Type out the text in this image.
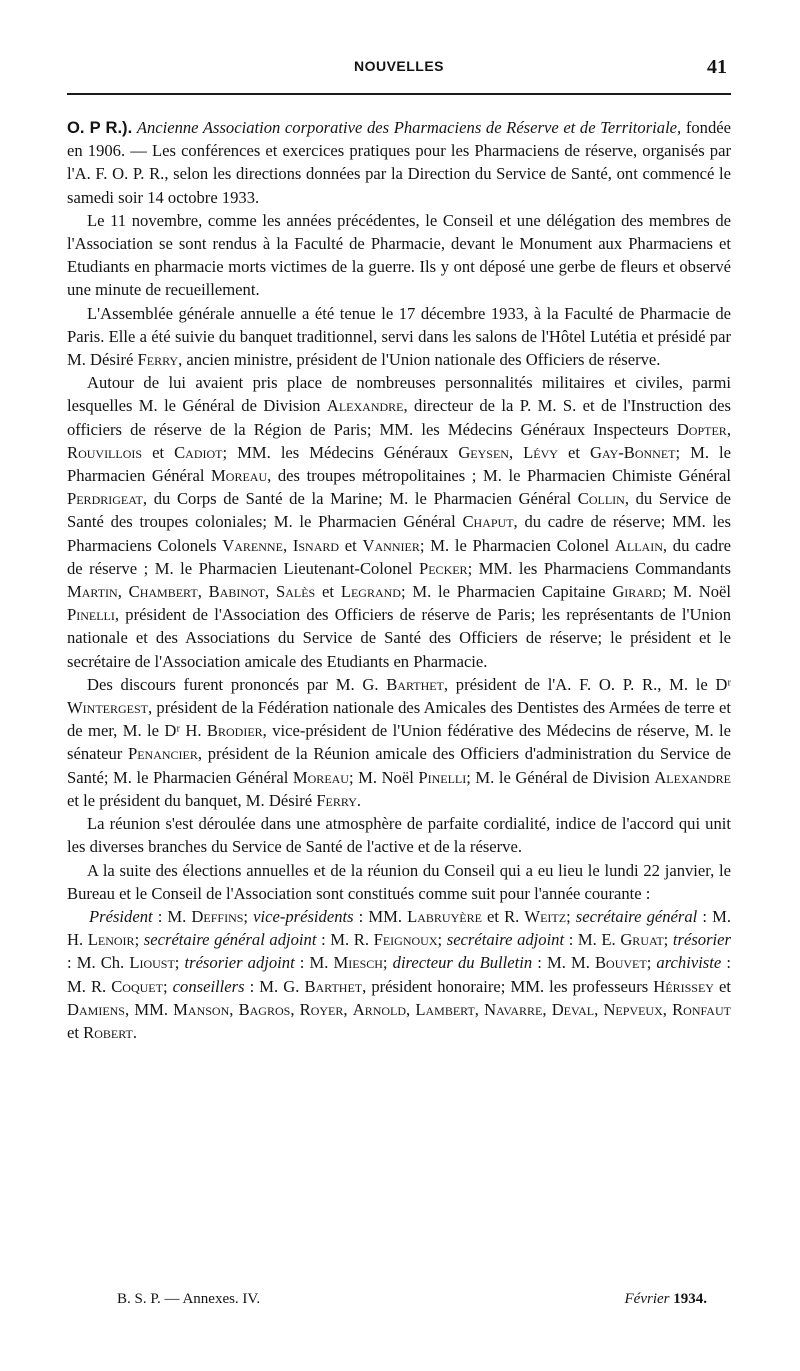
NOUVELLES	41

O. P R.). Ancienne Association corporative des Pharmaciens de Réserve et de Territoriale, fondée en 1906. — Les conférences et exercices pratiques pour les Pharmaciens de réserve, organisés par l'A. F. O. P. R., selon les directions données par la Direction du Service de Santé, ont commencé le samedi soir 14 octobre 1933.

Le 11 novembre, comme les années précédentes, le Conseil et une délégation des membres de l'Association se sont rendus à la Faculté de Pharmacie, devant le Monument aux Pharmaciens et Etudiants en pharmacie morts victimes de la guerre. Ils y ont déposé une gerbe de fleurs et observé une minute de recueillement.

L'Assemblée générale annuelle a été tenue le 17 décembre 1933, à la Faculté de Pharmacie de Paris. Elle a été suivie du banquet traditionnel, servi dans les salons de l'Hôtel Lutétia et présidé par M. Désiré Ferry, ancien ministre, président de l'Union nationale des Officiers de réserve.

Autour de lui avaient pris place de nombreuses personnalités militaires et civiles, parmi lesquelles M. le Général de Division Alexandre, directeur de la P. M. S. et de l'Instruction des officiers de réserve de la Région de Paris; MM. les Médecins Généraux Inspecteurs Dopter, Rouvillois et Cadiot; MM. les Médecins Généraux Geysen, Lévy et Gay-Bonnet; M. le Pharmacien Général Moreau, des troupes métropolitaines ; M. le Pharmacien Chimiste Général Perdrigeat, du Corps de Santé de la Marine; M. le Pharmacien Général Collin, du Service de Santé des troupes coloniales; M. le Pharmacien Général Chaput, du cadre de réserve; MM. les Pharmaciens Colonels Varenne, Isnard et Vannier; M. le Pharmacien Colonel Allain, du cadre de réserve ; M. le Pharmacien Lieutenant-Colonel Pecker; MM. les Pharmaciens Commandants Martin, Chambert, Babinot, Salès et Legrand; M. le Pharmacien Capitaine Girard; M. Noël Pinelli, président de l'Association des Officiers de réserve de Paris; les représentants de l'Union nationale et des Associations du Service de Santé des Officiers de réserve; le président et le secrétaire de l'Association amicale des Etudiants en Pharmacie.

Des discours furent prononcés par M. G. Barthet, président de l'A. F. O. P. R., M. le Dʳ Wintergest, président de la Fédération nationale des Amicales des Dentistes des Armées de terre et de mer, M. le Dʳ H. Brodier, vice-président de l'Union fédérative des Médecins de réserve, M. le sénateur Penancier, président de la Réunion amicale des Officiers d'administration du Service de Santé; M. le Pharmacien Général Moreau; M. Noël Pinelli; M. le Général de Division Alexandre et le président du banquet, M. Désiré Ferry.

La réunion s'est déroulée dans une atmosphère de parfaite cordialité, indice de l'accord qui unit les diverses branches du Service de Santé de l'active et de la réserve.

A la suite des élections annuelles et de la réunion du Conseil qui a eu lieu le lundi 22 janvier, le Bureau et le Conseil de l'Association sont constitués comme suit pour l'année courante :

Président : M. Deffins; vice-présidents : MM. Labruyère et R. Weitz; secrétaire général : M. H. Lenoir; secrétaire général adjoint : M. R. Feignoux; secrétaire adjoint : M. E. Gruat; trésorier : M. Ch. Lioust; trésorier adjoint : M. Miesch; directeur du Bulletin : M. M. Bouvet; archiviste : M. R. Coquet; conseillers : M. G. Barthet, président honoraire; MM. les professeurs Hérissey et Damiens, MM. Manson, Bagros, Royer, Arnold, Lambert, Navarre, Deval, Nepveux, Ronfaut et Robert.

B. S. P. — Annexes. IV.	Février 1934.
